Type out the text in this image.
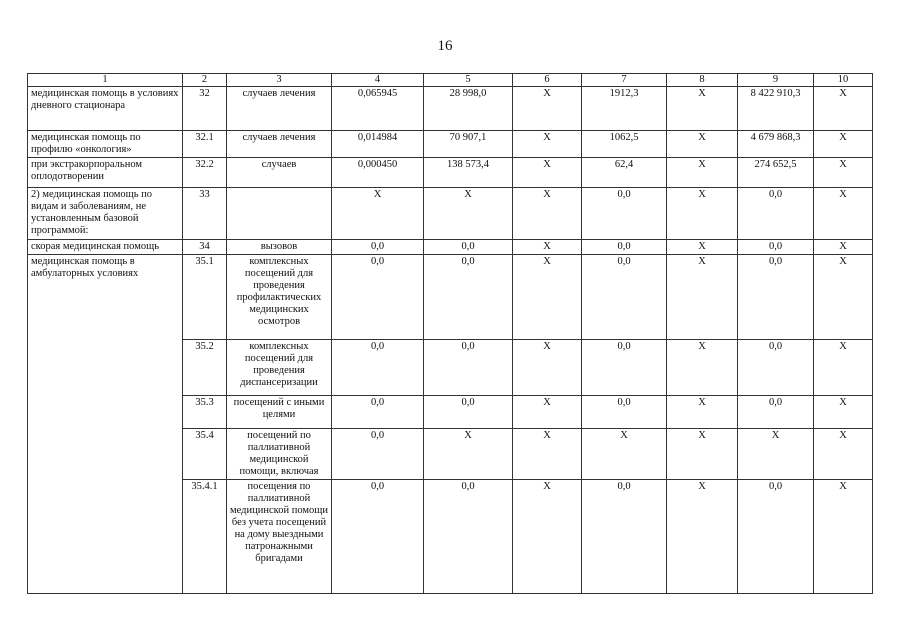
16
1	2	3	4	5	6	7	8	9	10
медицинская помощь в условиях дневного стационара	32	случаев лечения	0,065945	28 998,0	X	1912,3	X	8 422 910,3	X
медицинская помощь по профилю «онкология»	32.1	случаев лечения	0,014984	70 907,1	X	1062,5	X	4 679 868,3	X
при экстракорпоральном оплодотворении	32.2	случаев	0,000450	138 573,4	X	62,4	X	274 652,5	X
2) медицинская помощь по видам и заболеваниям, не установленным базовой программой:	33		X	X	X	0,0	X	0,0	X
скорая медицинская помощь	34	вызовов	0,0	0,0	X	0,0	X	0,0	X
медицинская помощь в амбулаторных условиях	35.1	комплексных посещений для проведения профилактических медицинских осмотров	0,0	0,0	X	0,0	X	0,0	X
	35.2	комплексных посещений для проведения диспансеризации	0,0	0,0	X	0,0	X	0,0	X
	35.3	посещений с иными целями	0,0	0,0	X	0,0	X	0,0	X
	35.4	посещений по паллиативной медицинской помощи, включая	0,0	X	X	X	X	X	X
	35.4.1	посещения по паллиативной медицинской помощи без учета посещений на дому выездными патронажными бригадами	0,0	0,0	X	0,0	X	0,0	X
